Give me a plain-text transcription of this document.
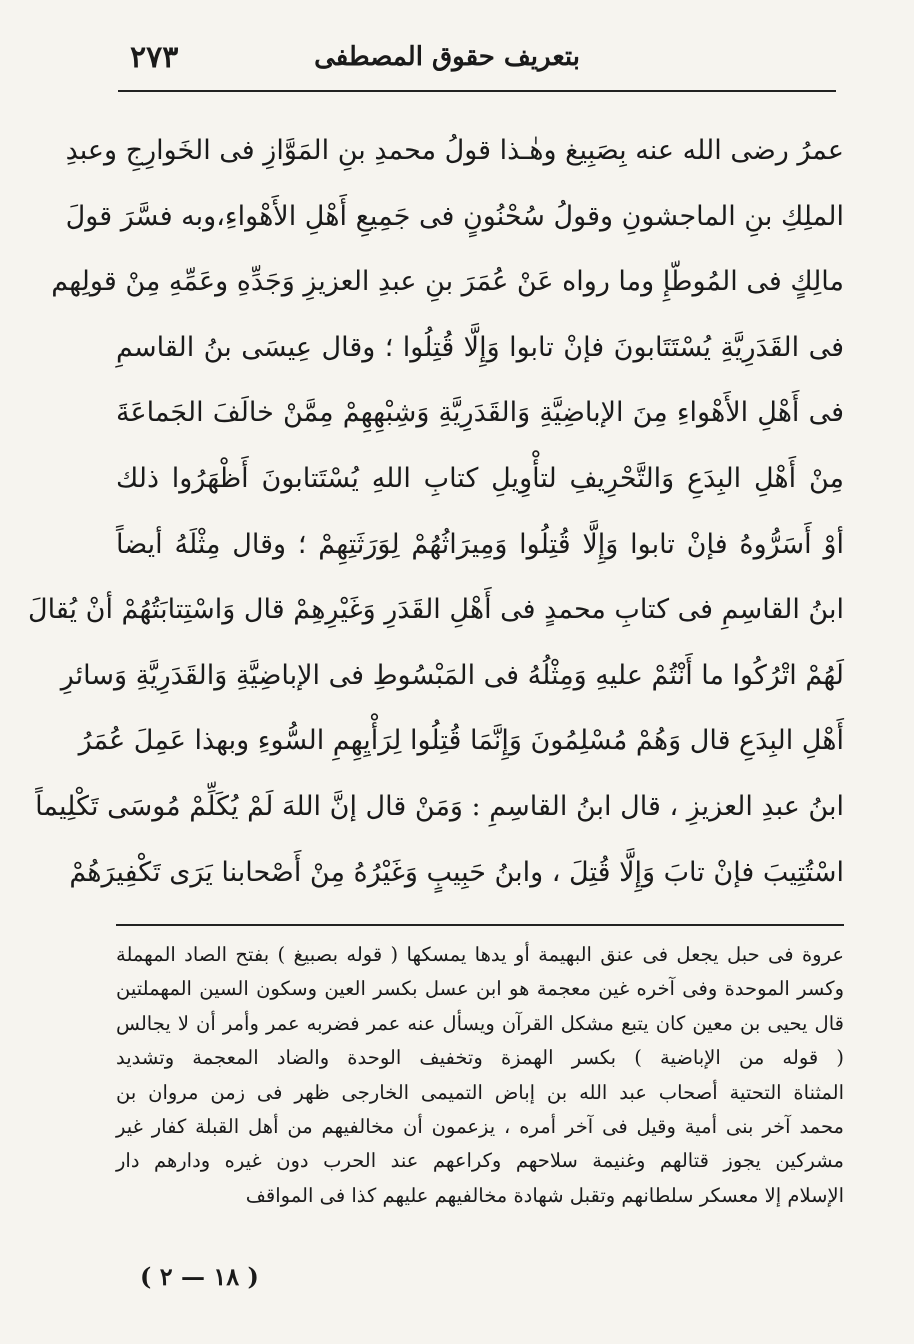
بتعريف حقوق المصطفى
٢٧٣
عمرُ رضى الله عنه بِصَبِيغ وهٰـذا قولُ محمدِ بنِ المَوَّازِ فى الخَوارِجِ وعبدِ
الملِكِ بنِ الماجشونِ وقولُ سُحْنُونٍ فى جَمِيعِ أَهْلِ الأَهْواءِ،وبه فسَّرَ قولَ
مالِكٍ فى المُوطّإِ وما رواه عَنْ عُمَرَ بنِ عبدِ العزيزِ وَجَدِّهِ وعَمِّهِ مِنْ قولِهم
فى القَدَرِيَّةِ يُسْتَتَابونَ فإنْ تابوا وَإِلَّا قُتِلُوا ؛ وقال عِيسَى بنُ القاسمِ
فى أَهْلِ الأَهْواءِ مِنَ الإباضِيَّةِ وَالقَدَرِيَّةِ وَشِبْهِهِمْ مِمَّنْ خالَفَ الجَماعَةَ
مِنْ أَهْلِ البِدَعِ وَالتَّحْرِيفِ لتأْوِيلِ كتابِ اللهِ يُسْتَتابونَ أَظْهَرُوا ذلك
أوْ أَسَرُّوهُ فإنْ تابوا وَإِلَّا قُتِلُوا وَمِيرَاثُهُمْ لِوَرَثَتِهِمْ ؛ وقال مِثْلَهُ أيضاً
ابنُ القاسِمِ فى كتابِ محمدٍ فى أَهْلِ القَدَرِ وَغَيْرِهِمْ قال وَاسْتِتابَتُهُمْ أنْ يُقالَ
لَهُمْ اتْرُكُوا ما أَنْتُمْ عليهِ وَمِثْلُهُ فى المَبْسُوطِ فى الإباضِيَّةِ وَالقَدَرِيَّةِ وَسائرِ
أَهْلِ البِدَعِ قال وَهُمْ مُسْلِمُونَ وَإِنَّمَا قُتِلُوا لِرَأْيِهِمِ السُّوءِ وبهذا عَمِلَ عُمَرُ
ابنُ عبدِ العزيزِ ، قال ابنُ القاسِمِ : وَمَنْ قال إنَّ اللهَ لَمْ يُكَلِّمْ مُوسَى تَكْلِيماً
اسْتُتِيبَ فإنْ تابَ وَإِلَّا قُتِلَ ، وابنُ حَبِيبٍ وَغَيْرُهُ مِنْ أَصْحابنا يَرَى تَكْفِيرَهُمْ
عروة فى حبل يجعل فى عنق البهيمة أو يدها يمسكها ( قوله بصبيغ ) بفتح الصاد المهملة
وكسر الموحدة وفى آخره غين معجمة هو ابن عسل بكسر العين وسكون السين المهملتين
قال يحيى بن معين كان يتبع مشكل القرآن ويسأل عنه عمر فضربه عمر وأمر أن لا يجالس
( قوله من الإباضية ) بكسر الهمزة وتخفيف الوحدة والضاد المعجمة وتشديد
المثناة التحتية أصحاب عبد الله بن إباض التميمى الخارجى ظهر فى زمن مروان بن
محمد آخر بنى أمية وقيل فى آخر أمره ، يزعمون أن مخالفيهم من أهل القبلة كفار غير
مشركين يجوز قتالهم وغنيمة سلاحهم وكراعهم عند الحرب دون غيره ودارهم دار
الإسلام إلا معسكر سلطانهم وتقبل شهادة مخالفيهم عليهم كذا فى المواقف
( ١٨ — ٢ )
